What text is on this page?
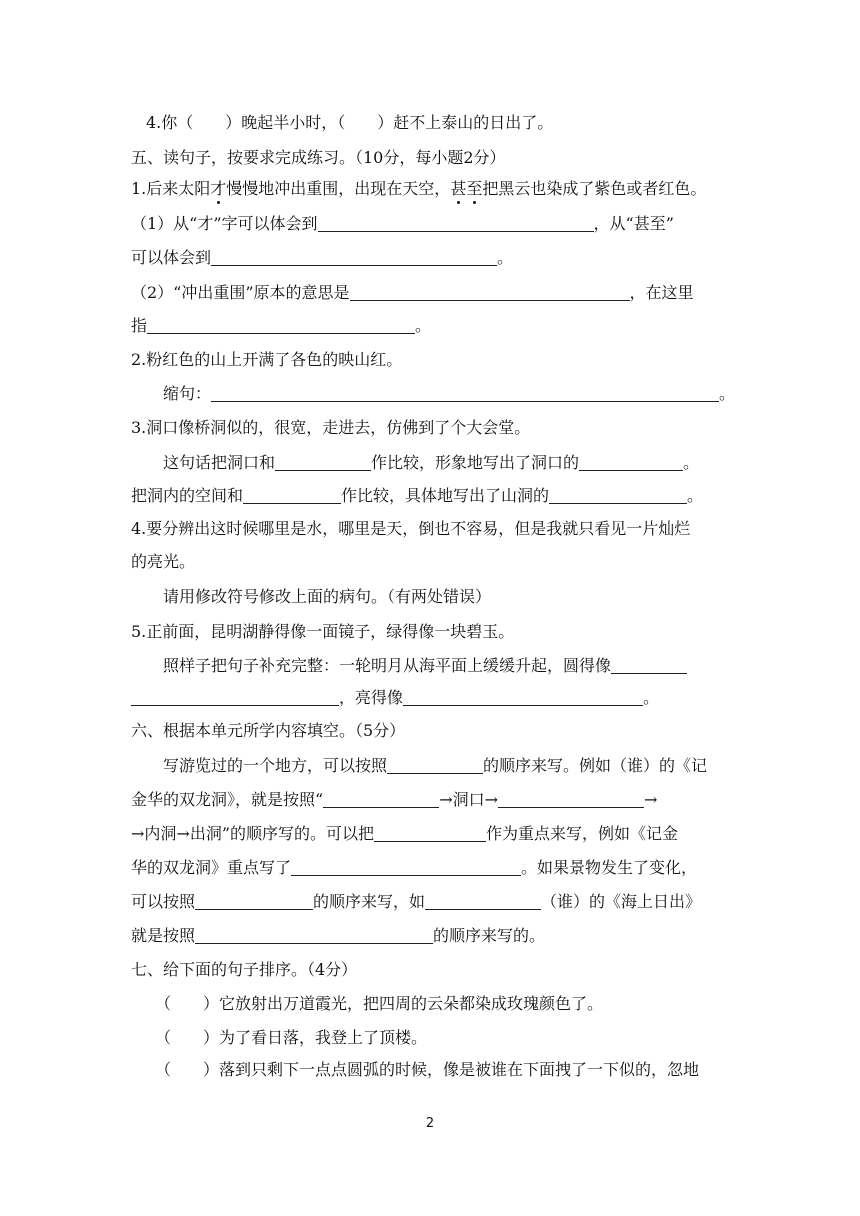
4.你（　　）晚起半小时，（　　）赶不上泰山的日出了。
五、读句子，按要求完成练习。（10分，每小题2分）
1.后来太阳才慢慢地冲出重围，出现在天空，甚至把黑云也染成了紫色或者红色。
（1）从“才”字可以体会到	，从“甚至”
可以体会到	。
（2）“冲出重围”原本的意思是	，在这里
指	。
2.粉红色的山上开满了各色的映山红。
缩句：	。
3.洞口像桥洞似的，很宽，走进去，仿佛到了个大会堂。
这句话把洞口和	作比较，形象地写出了洞口的	。
把洞内的空间和	作比较，具体地写出了山洞的	。
4.要分辨出这时候哪里是水，哪里是天，倒也不容易，但是我就只看见一片灿烂
的亮光。
请用修改符号修改上面的病句。（有两处错误）
5.正前面，昆明湖静得像一面镜子，绿得像一块碧玉。
照样子把句子补充完整：一轮明月从海平面上缓缓升起，圆得像
，亮得像	。
六、根据本单元所学内容填空。（5分）
写游览过的一个地方，可以按照	的顺序来写。例如（谁）的《记
金华的双龙洞》，就是按照“	→洞口→	→
→内洞→出洞”的顺序写的。可以把	作为重点来写，例如《记金
华的双龙洞》重点写了	。如果景物发生了变化，
可以按照	的顺序来写，如	（谁）的《海上日出》
就是按照	的顺序来写的。
七、给下面的句子排序。（4分）
（　　）它放射出万道霞光，把四周的云朵都染成玫瑰颜色了。
（　　）为了看日落，我登上了顶楼。
（　　）落到只剩下一点点圆弧的时候，像是被谁在下面拽了一下似的，忽地
2
